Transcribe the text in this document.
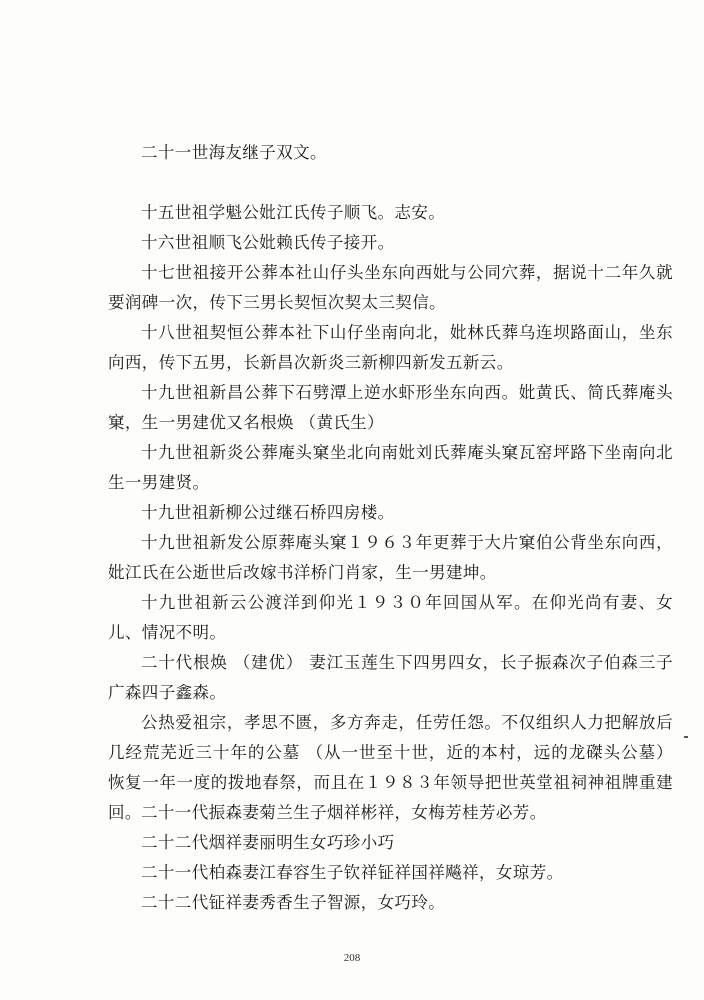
二十一世海友继子双文。

十五世祖学魁公妣江氏传子顺飞。志安。

十六世祖顺飞公妣赖氏传子接开。

十七世祖接开公葬本社山仔头坐东向西妣与公同穴葬，据说十二年久就要润碑一次，传下三男长契恒次契太三契信。

十八世祖契恒公葬本社下山仔坐南向北，妣林氏葬乌连坝路面山，坐东向西，传下五男，长新昌次新炎三新柳四新发五新云。

十九世祖新昌公葬下石劈潭上逆水虾形坐东向西。妣黄氏、简氏葬庵头窠，生一男建优又名根焕 （黄氏生）

十九世祖新炎公葬庵头窠坐北向南妣刘氏葬庵头窠瓦窑坪路下坐南向北生一男建贤。

十九世祖新柳公过继石桥四房楼。

十九世祖新发公原葬庵头窠１９６３年更葬于大片窠伯公背坐东向西，妣江氏在公逝世后改嫁书洋桥门肖家，生一男建坤。

十九世祖新云公渡洋到仰光１９３０年回国从军。在仰光尚有妻、女儿、情况不明。

二十代根焕 （建优） 妻江玉莲生下四男四女，长子振森次子伯森三子广森四子鑫森。

公热爱祖宗，孝思不匮，多方奔走，任劳任怨。不仅组织人力把解放后几经荒芜近三十年的公墓 （从一世至十世，近的本村，远的龙磔头公墓） 恢复一年一度的拨地春祭，而且在１９８３年领导把世英堂祖祠神祖牌重建回。 二十一代振森妻菊兰生子烟祥彬祥，女梅芳桂芳必芳。

二十二代烟祥妻丽明生女巧珍小巧

二十一代柏森妻江春容生子钦祥钲祥国祥飚祥，女琼芳。

二十二代钲祥妻秀香生子智源，女巧玲。

208
